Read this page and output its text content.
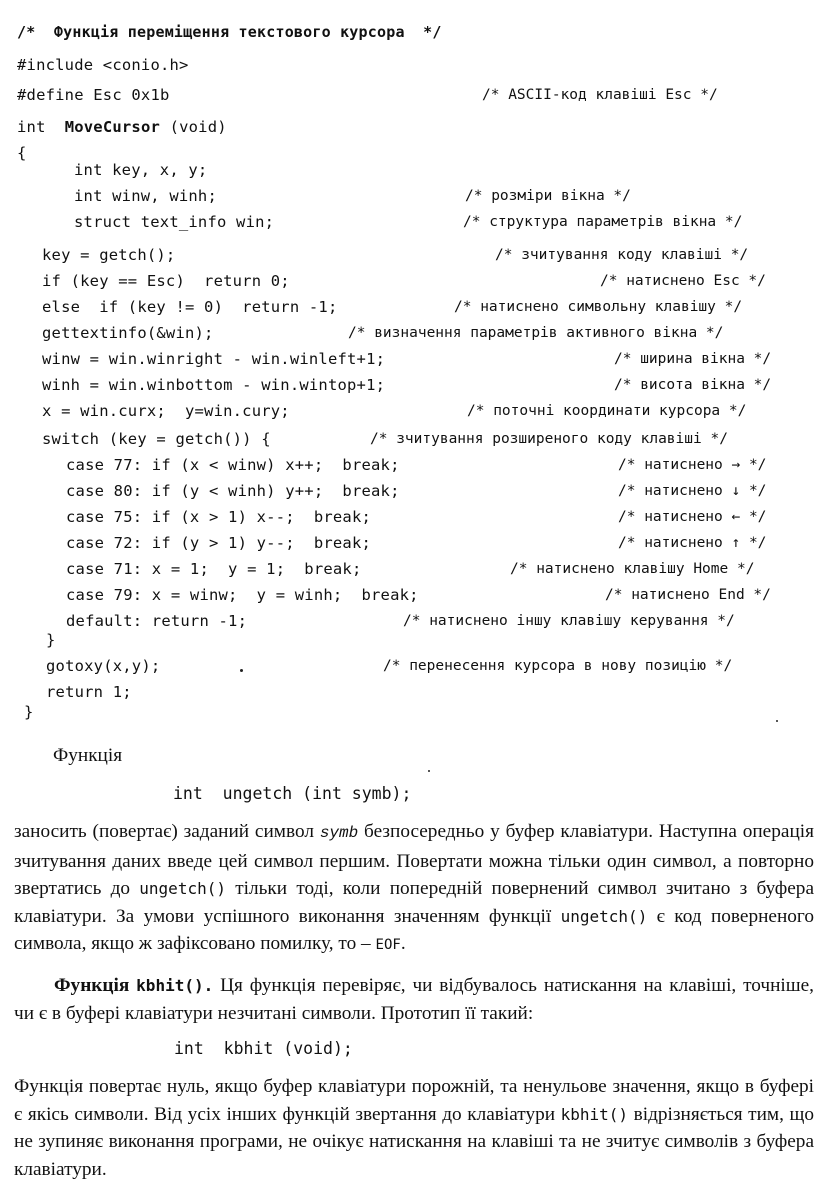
/*  Функція переміщення текстового курсора  */
#include <conio.h>
#define Esc 0x1b	/* ASCII-код клавіші Esc */
int MoveCursor (void)
{
int key, x, y;
int winw, winh;	/* розміри вікна */
struct text_info win;	/* структура параметрів вікна */
key = getch();	/* зчитування коду клавіші */
if (key == Esc)  return 0;	/* натиснено Esc */
else  if (key != 0)  return -1;	/* натиснено символьну клавішу */
gettextinfo(&win);	/* визначення параметрів активного вікна */
winw = win.winright - win.winleft+1;	/* ширина вікна */
winh = win.winbottom - win.wintop+1;	/* висота вікна */
x = win.curx;  y=win.cury;	/* поточні координати курсора */
switch (key = getch()) {	/* зчитування розширеного коду клавіші */
case 77: if (x < winw) x++;  break;	/* натиснено → */
case 80: if (y < winh) y++;  break;	/* натиснено ↓ */
case 75: if (x > 1) x--;  break;	/* натиснено ← */
case 72: if (y > 1) y--;  break;	/* натиснено ↑ */
case 71: x = 1;  y = 1;  break;	/* натиснено клавішу Home */
case 79: x = winw;  y = winh;  break;	/* натиснено End */
default: return -1;	/* натиснено іншу клавішу керування */
}
gotoxy(x,y);	/* перенесення курсора в нову позицію */
return 1;
}
Функція
int  ungetch (int symb);
заносить (повертає) заданий символ symb безпосередньо у буфер клавіатури. Наступна операція зчитування даних введе цей символ першим. Повертати можна тільки один символ, а повторно звертатись до ungetch() тільки тоді, коли попередній повернений символ зчитано з буфера клавіатури. За умови успішного виконання значенням функції ungetch() є код поверненого символа, якщо ж зафіксовано помилку, то – EOF.
Функція kbhit(). Ця функція перевіряє, чи відбувалось натискання на клавіші, точніше, чи є в буфері клавіатури незчитані символи. Прототип її такий:
int  kbhit (void);
Функція повертає нуль, якщо буфер клавіатури порожній, та ненульове значення, якщо в буфері є якісь символи. Від усіх інших функцій звертання до клавіатури kbhit() відрізняється тим, що не зупиняє виконання програми, не очікує натискання на клавіші та не зчитує символів з буфера клавіатури.
